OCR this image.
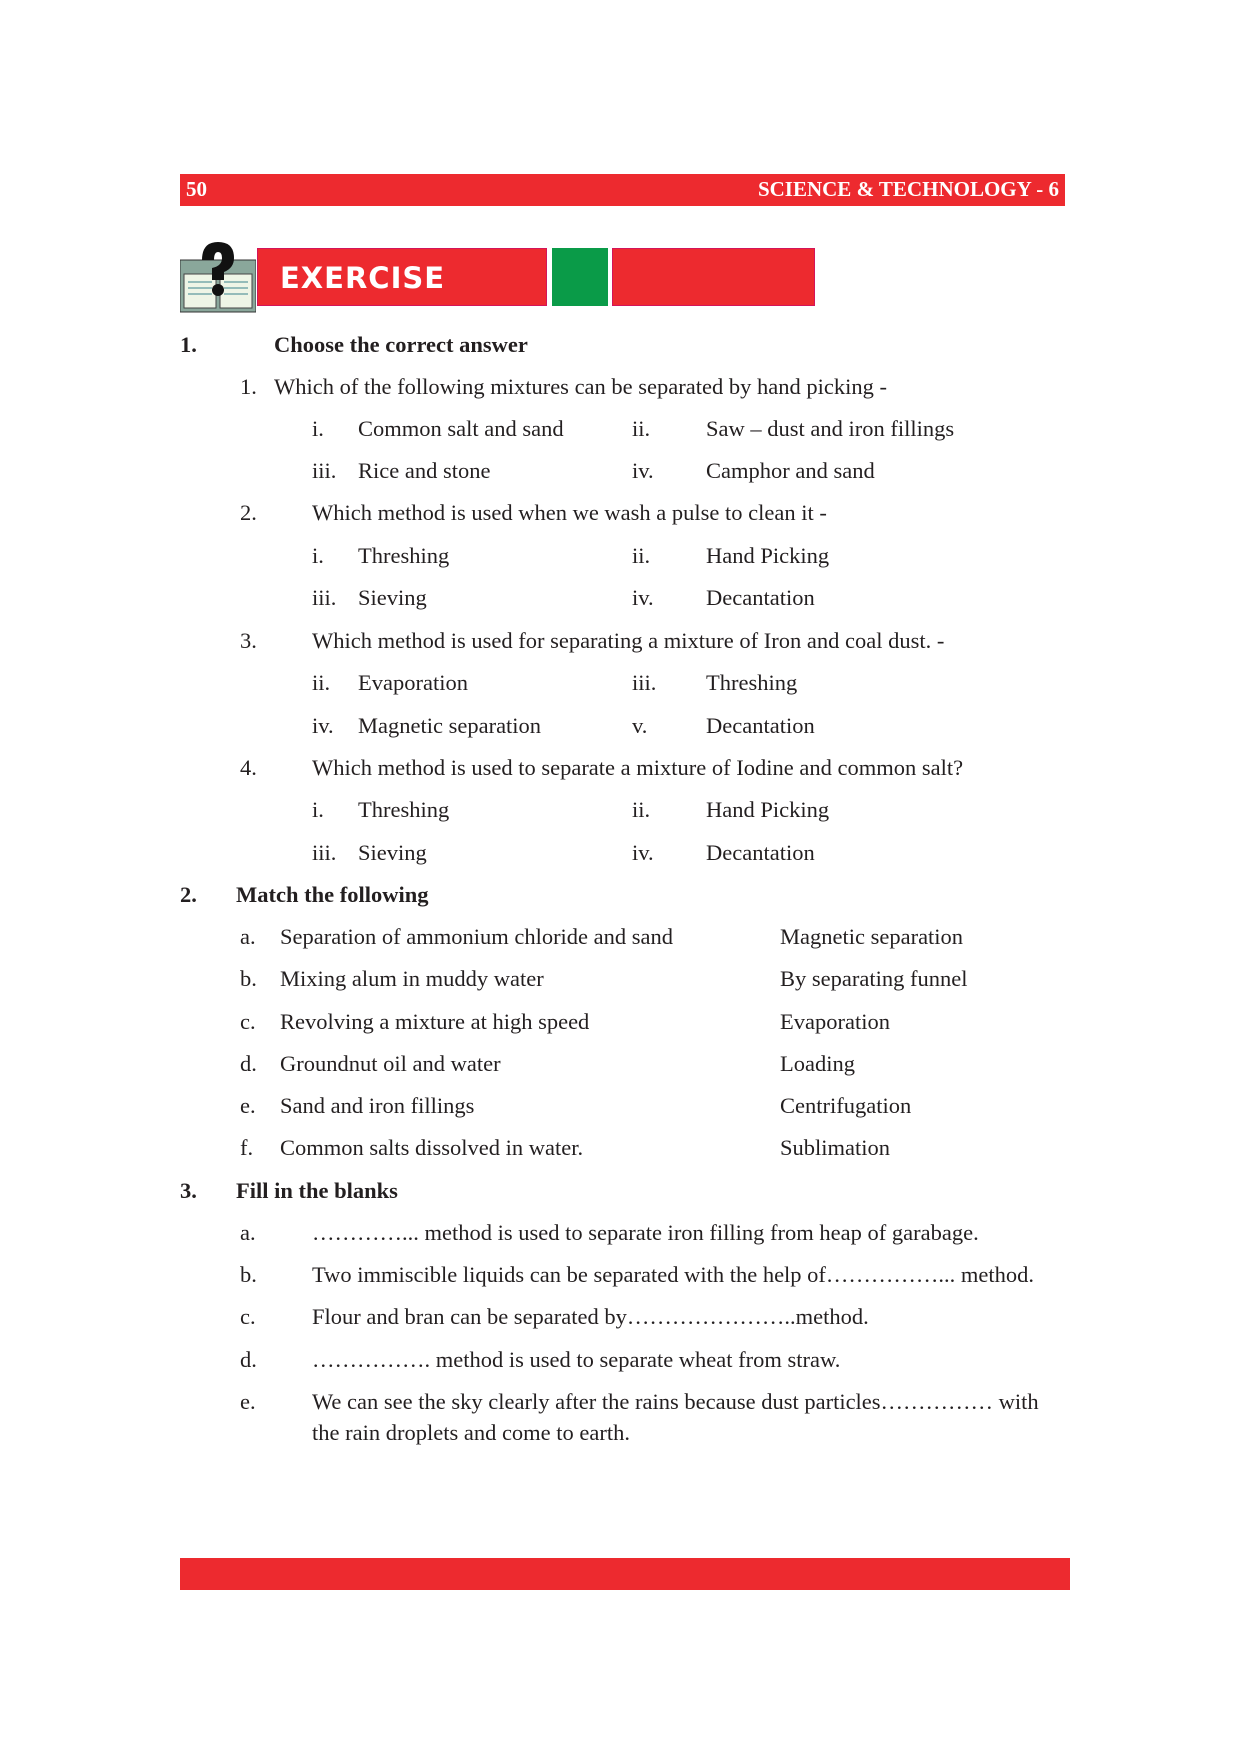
50	SCIENCE & TECHNOLOGY - 6
EXERCISE
1.	Choose the correct answer
1. Which of the following mixtures can be separated by hand picking -
i. Common salt and sand	ii. Saw – dust and iron fillings
iii. Rice and stone	iv. Camphor and sand
2. Which method is used when we wash a pulse to clean it -
i. Threshing	ii. Hand Picking
iii. Sieving	iv. Decantation
3. Which method is used for separating a mixture of Iron and coal dust. -
ii. Evaporation	iii. Threshing
iv. Magnetic separation	v.	Decantation
4. Which method is used to separate a mixture of Iodine and common salt?
i. Threshing	ii. Hand Picking
iii. Sieving	iv. Decantation
2. Match the following
a. Separation of ammonium chloride and sand	Magnetic separation
b. Mixing alum in muddy water	By separating funnel
c. Revolving a mixture at high speed	Evaporation
d. Groundnut oil and water	Loading
e. Sand and iron fillings	Centrifugation
f. Common salts dissolved in water.	Sublimation
3. Fill in the blanks
a.	…………... method is used to separate iron filling from heap of garabage.
b. Two immiscible liquids can be separated with the help of……………... method.
c.	Flour and bran can be separated by…………………..method.
d. ……………. method is used to separate wheat from straw.
e.	We can see the sky clearly after the rains because dust particles…………… with
the rain droplets and come to earth.
